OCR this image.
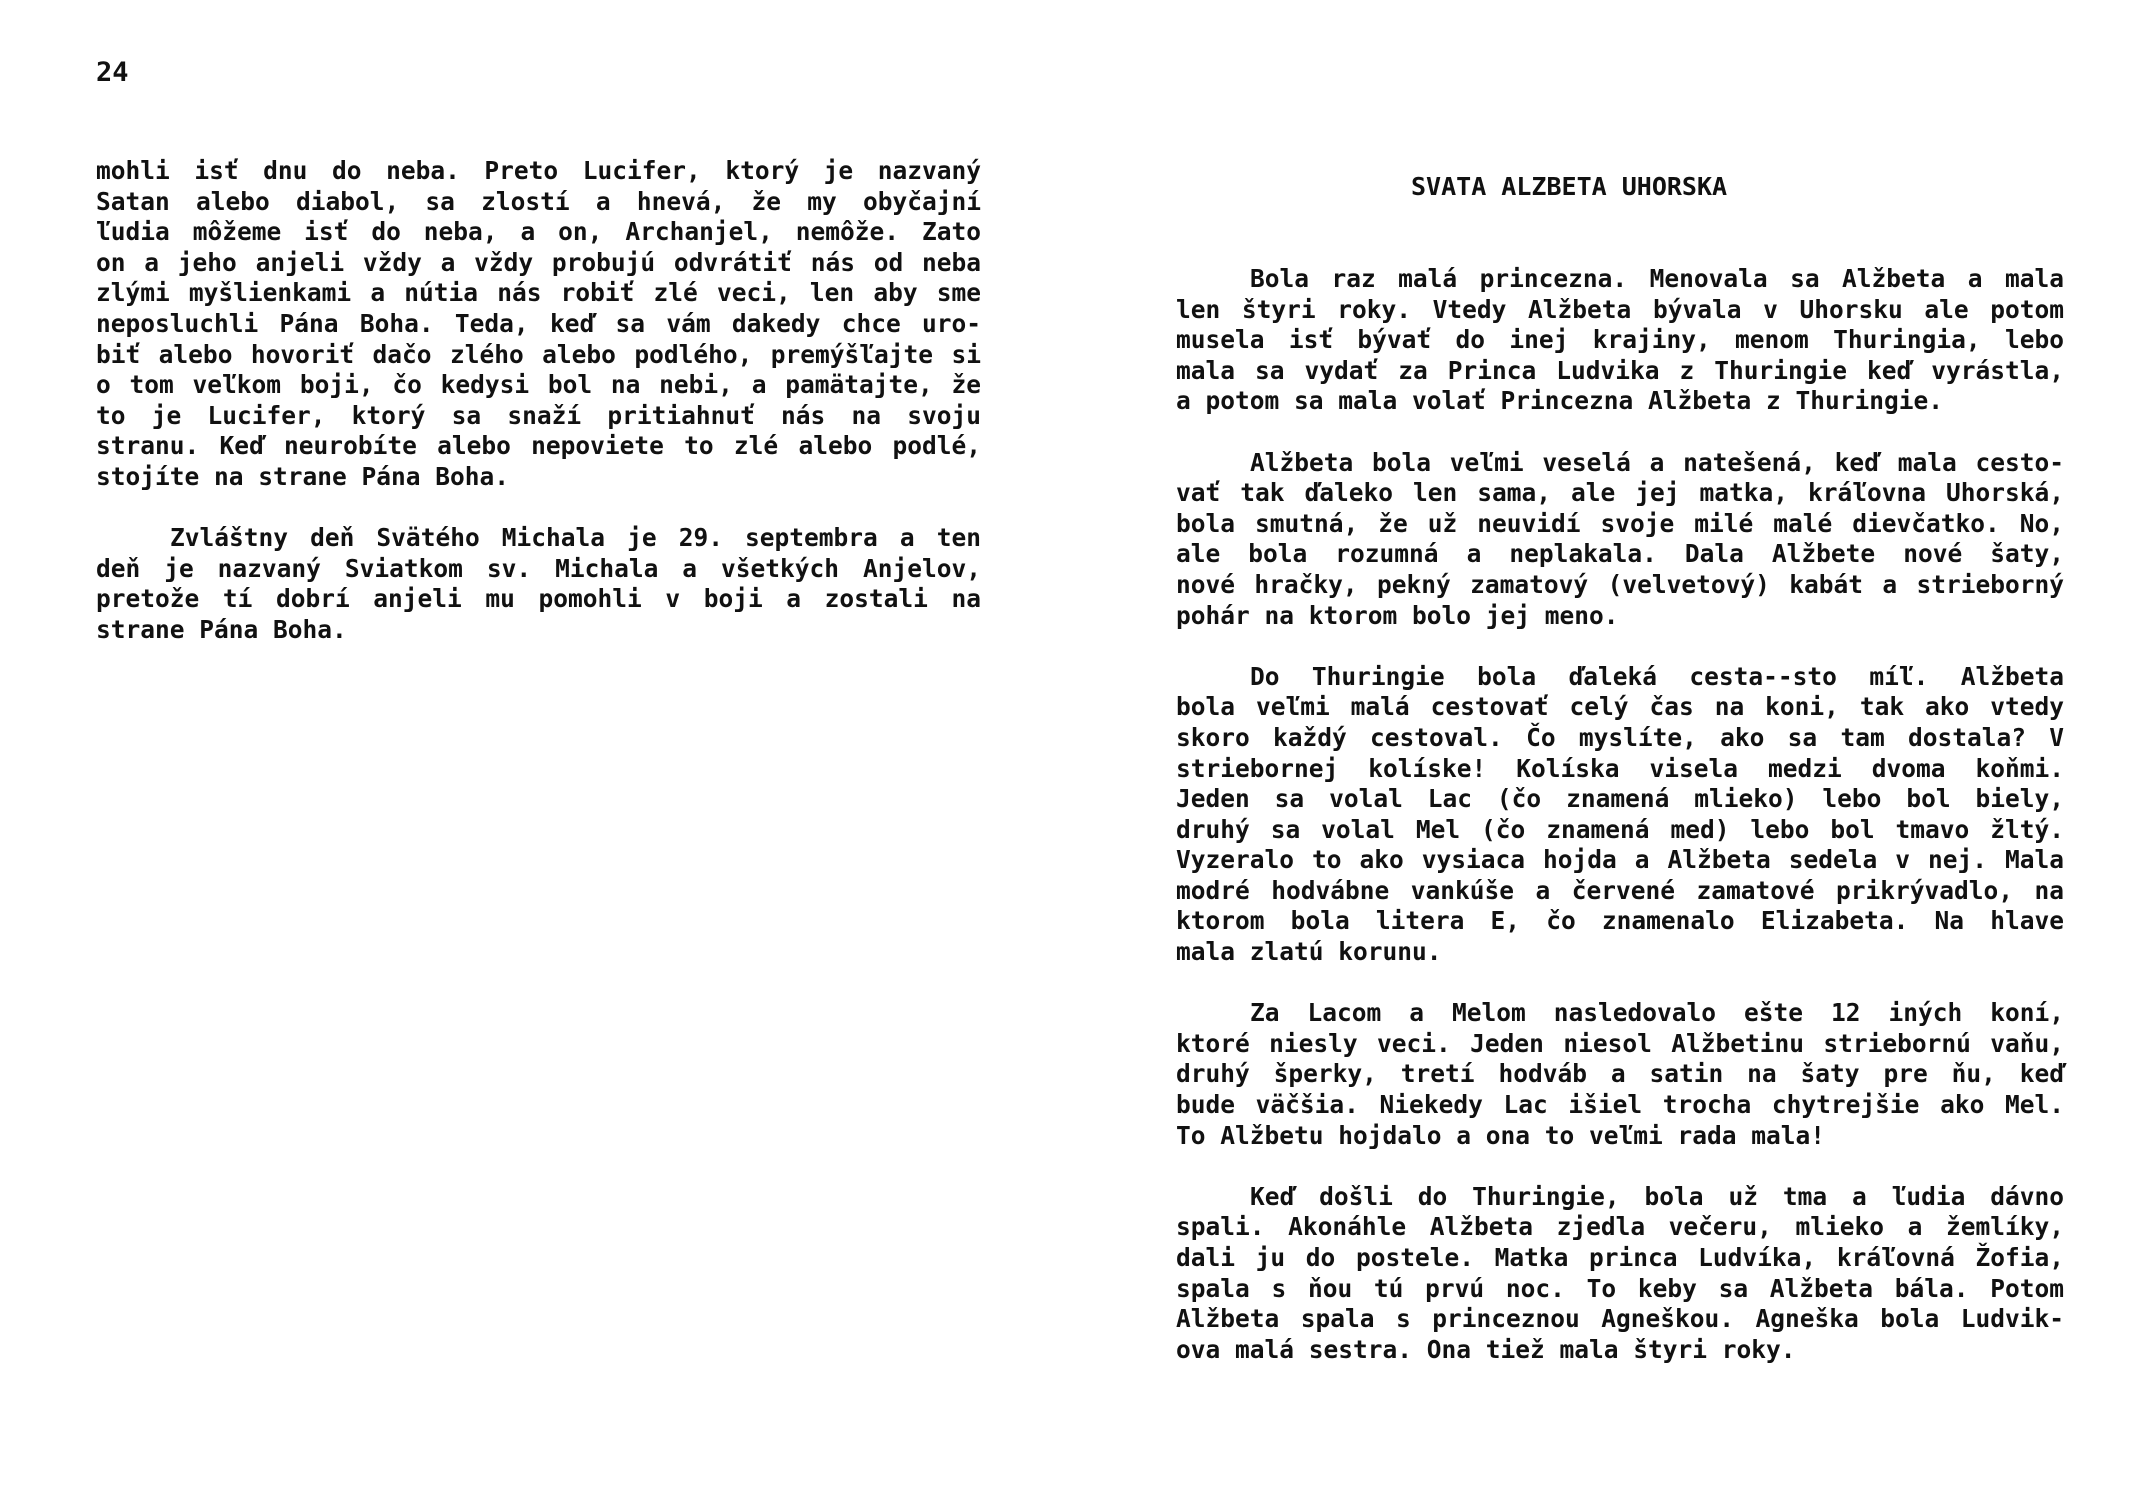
24
mohli isť dnu do neba. Preto Lucifer, ktorý je nazvaný
Satan alebo diabol, sa zlostí a hnevá, že my obyčajní
ľudia môžeme isť do neba, a on, Archanjel, nemôže. Zato
on a jeho anjeli vždy a vždy probujú odvrátiť nás od neba
zlými myšlienkami a nútia nás robiť zlé veci, len aby sme
neposluchli Pána Boha. Teda, keď sa vám dakedy chce uro-
biť alebo hovoriť dačo zlého alebo podlého, premýšľajte si
o tom veľkom boji, čo kedysi bol na nebi, a pamätajte, že
to je Lucifer, ktorý sa snaží pritiahnuť nás na svoju
stranu. Keď neurobíte alebo nepoviete to zlé alebo podlé,
stojíte na strane Pána Boha.
Zvláštny deň Svätého Michala je 29. septembra a ten
deň je nazvaný Sviatkom sv. Michala a všetkých Anjelov,
pretože tí dobrí anjeli mu pomohli v boji a zostali na
strane Pána Boha.
SVATA ALZBETA UHORSKA
Bola raz malá princezna. Menovala sa Alžbeta a mala
len štyri roky. Vtedy Alžbeta bývala v Uhorsku ale potom
musela isť bývať do inej krajiny, menom Thuringia, lebo
mala sa vydať za Princa Ludvika z Thuringie keď vyrástla,
a potom sa mala volať Princezna Alžbeta z Thuringie.
Alžbeta bola veľmi veselá a natešená, keď mala cesto-
vať tak ďaleko len sama, ale jej matka, kráľovna Uhorská,
bola smutná, že už neuvidí svoje milé malé dievčatko. No,
ale bola rozumná a neplakala. Dala Alžbete nové šaty,
nové hračky, pekný zamatový (velvetový) kabát a strieborný
pohár na ktorom bolo jej meno.
Do Thuringie bola ďaleká cesta--sto míľ. Alžbeta
bola veľmi malá cestovať celý čas na koni, tak ako vtedy
skoro každý cestoval. Čo myslíte, ako sa tam dostala? V
striebornej kolíske! Kolíska visela medzi dvoma koňmi.
Jeden sa volal Lac (čo znamená mlieko) lebo bol biely,
druhý sa volal Mel (čo znamená med) lebo bol tmavo žltý.
Vyzeralo to ako vysiaca hojda a Alžbeta sedela v nej. Mala
modré hodvábne vankúše a červené zamatové prikrývadlo, na
ktorom bola litera E, čo znamenalo Elizabeta. Na hlave
mala zlatú korunu.
Za Lacom a Melom nasledovalo ešte 12 iných koní,
ktoré niesly veci. Jeden niesol Alžbetinu striebornú vaňu,
druhý šperky, tretí hodváb a satin na šaty pre ňu, keď
bude väčšia. Niekedy Lac išiel trocha chytrejšie ako Mel.
To Alžbetu hojdalo a ona to veľmi rada mala!
Keď došli do Thuringie, bola už tma a ľudia dávno
spali. Akonáhle Alžbeta zjedla večeru, mlieko a žemlíky,
dali ju do postele. Matka princa Ludvíka, kráľovná Žofia,
spala s ňou tú prvú noc. To keby sa Alžbeta bála. Potom
Alžbeta spala s princeznou Agneškou. Agneška bola Ludvik-
ova malá sestra. Ona tiež mala štyri roky.
